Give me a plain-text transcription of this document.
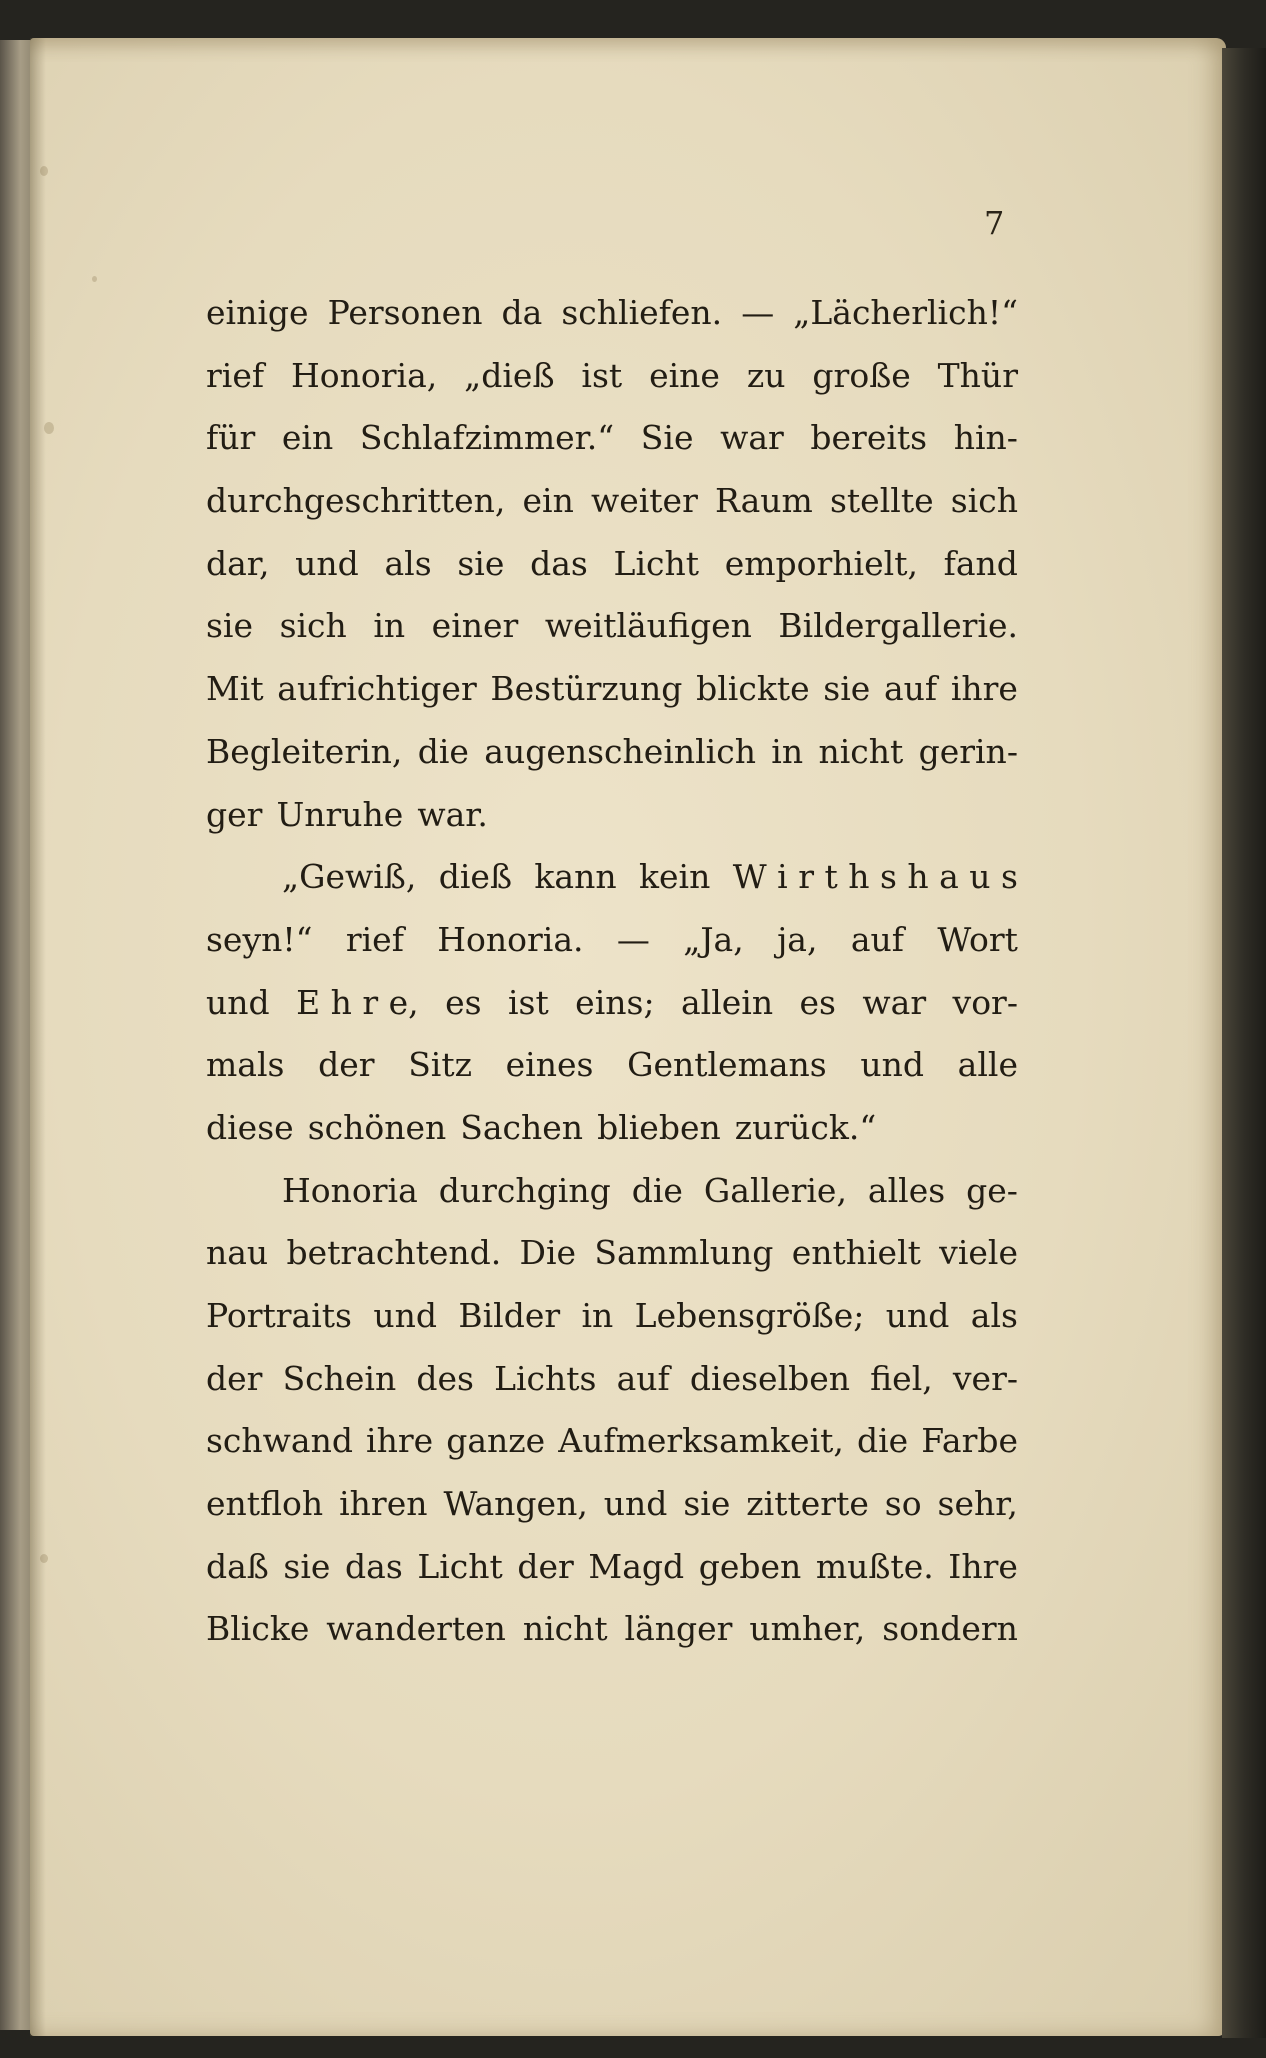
7
einige Personen da schliefen. — „Lächerlich!“
rief Honoria, „dieß ist eine zu große Thür
für ein Schlafzimmer.“ Sie war bereits hin-
durchgeschritten, ein weiter Raum stellte sich
dar, und als sie das Licht emporhielt, fand
sie sich in einer weitläufigen Bildergallerie.
Mit aufrichtiger Bestürzung blickte sie auf ihre
Begleiterin, die augenscheinlich in nicht gerin-
ger Unruhe war.
„Gewiß, dieß kann kein W i r t h s h a u s
seyn!“ rief Honoria. — „Ja, ja, auf Wort
und E h r e, es ist eins; allein es war vor-
mals der Sitz eines Gentlemans und alle
diese schönen Sachen blieben zurück.“
Honoria durchging die Gallerie, alles ge-
nau betrachtend. Die Sammlung enthielt viele
Portraits und Bilder in Lebensgröße; und als
der Schein des Lichts auf dieselben fiel, ver-
schwand ihre ganze Aufmerksamkeit, die Farbe
entfloh ihren Wangen, und sie zitterte so sehr,
daß sie das Licht der Magd geben mußte. Ihre
Blicke wanderten nicht länger umher, sondern
